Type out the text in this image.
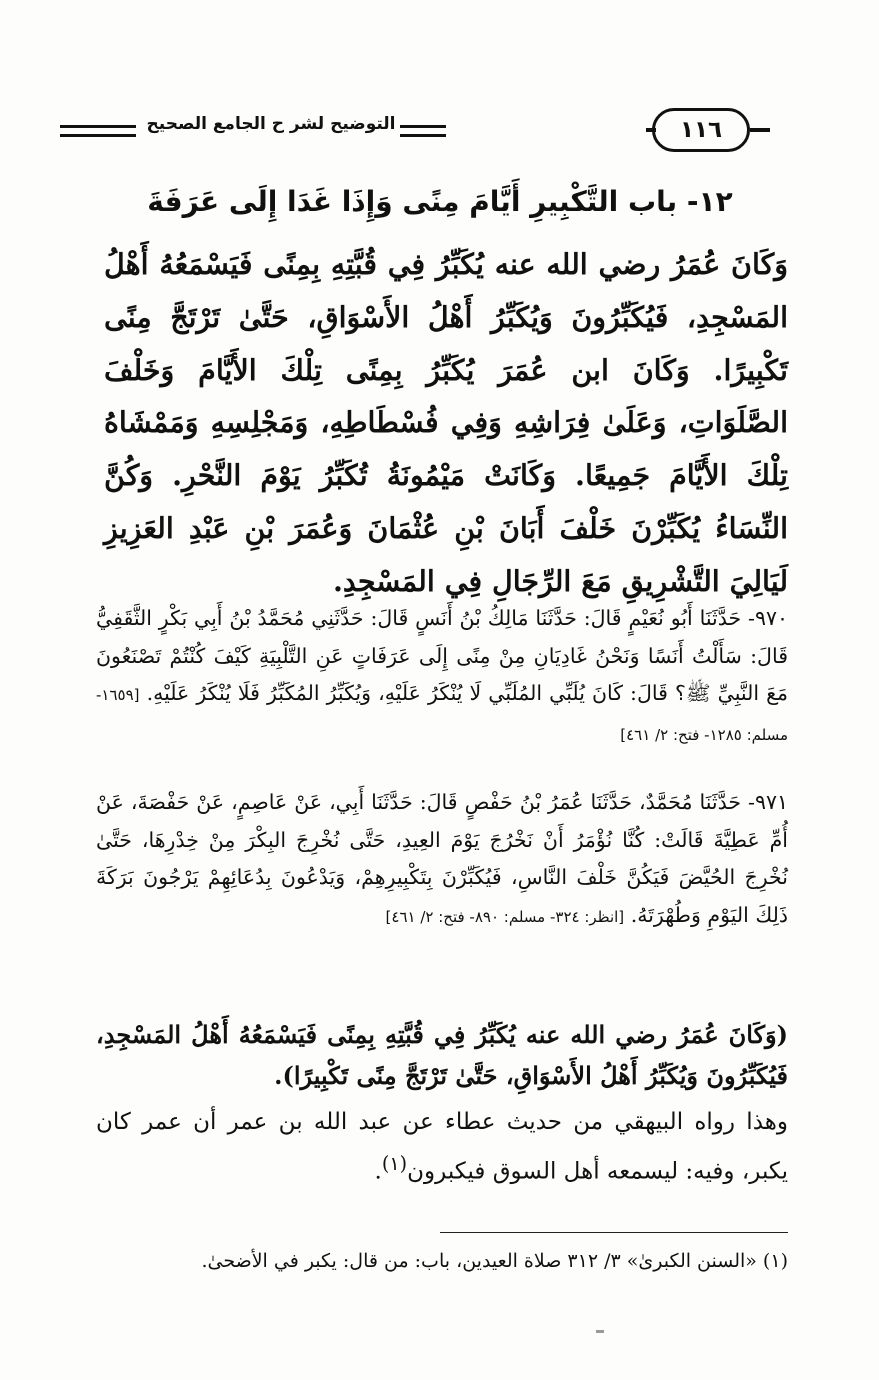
التوضيح لشر ح الجامع الصحيح	١١٦
١٢- باب التَّكْبِيرِ أَيَّامَ مِنًى وَإِذَا غَدَا إِلَى عَرَفَةَ

وَكَانَ عُمَرُ رضي الله عنه يُكَبِّرُ فِي قُبَّتِهِ بِمِنًى فَيَسْمَعُهُ أَهْلُ المَسْجِدِ، فَيُكَبِّرُونَ وَيُكَبِّرُ أَهْلُ الأَسْوَاقِ، حَتَّىٰ تَرْتَجَّ مِنًى تَكْبِيرًا. وَكَانَ ابن عُمَرَ يُكَبِّرُ بِمِنًى تِلْكَ الأَيَّامَ وَخَلْفَ الصَّلَوَاتِ، وَعَلَىٰ فِرَاشِهِ وَفِي فُسْطَاطِهِ، وَمَجْلِسِهِ وَمَمْشَاهُ تِلْكَ الأَيَّامَ جَمِيعًا. وَكَانَتْ مَيْمُونَةُ تُكَبِّرُ يَوْمَ النَّحْرِ. وَكُنَّ النِّسَاءُ يُكَبِّرْنَ خَلْفَ أَبَانَ بْنِ عُثْمَانَ وَعُمَرَ بْنِ عَبْدِ العَزِيزِ لَيَالِيَ التَّشْرِيقِ مَعَ الرِّجَالِ فِي المَسْجِدِ.

٩٧٠- حَدَّثَنَا أَبُو نُعَيْمٍ قَالَ: حَدَّثَنَا مَالِكُ بْنُ أَنَسٍ قَالَ: حَدَّثَنِي مُحَمَّدُ بْنُ أَبِي بَكْرٍ الثَّقَفِيُّ قَالَ: سَأَلْتُ أَنَسًا وَنَحْنُ غَادِيَانِ مِنْ مِنًى إِلَى عَرَفَاتٍ عَنِ التَّلْبِيَةِ كَيْفَ كُنْتُمْ تَصْنَعُونَ مَعَ النَّبِيِّ ﷺ؟ قَالَ: كَانَ يُلَبِّي المُلَبِّي لَا يُنْكَرُ عَلَيْهِ، وَيُكَبِّرُ المُكَبِّرُ فَلَا يُنْكَرُ عَلَيْهِ. [١٦٥٩- مسلم: ١٢٨٥- فتح: ٢/ ٤٦١]
٩٧١- حَدَّثَنَا مُحَمَّدٌ، حَدَّثَنَا عُمَرُ بْنُ حَفْصٍ قَالَ: حَدَّثَنَا أَبِي، عَنْ عَاصِمٍ، عَنْ حَفْصَةَ، عَنْ أُمِّ عَطِيَّةَ قَالَتْ: كُنَّا نُؤْمَرُ أَنْ نَخْرُجَ يَوْمَ العِيدِ، حَتَّى نُخْرِجَ البِكْرَ مِنْ خِدْرِهَا، حَتَّىٰ نُخْرِجَ الحُيَّضَ فَيَكُنَّ خَلْفَ النَّاسِ، فَيُكَبِّرْنَ بِتَكْبِيرِهِمْ، وَيَدْعُونَ بِدُعَائِهِمْ يَرْجُونَ بَرَكَةَ ذَلِكَ اليَوْمِ وَطُهْرَتَهُ. [انظر: ٣٢٤- مسلم: ٨٩٠- فتح: ٢/ ٤٦١]

(وَكَانَ عُمَرُ رضي الله عنه يُكَبِّرُ فِي قُبَّتِهِ بِمِنًى فَيَسْمَعُهُ أَهْلُ المَسْجِدِ، فَيُكَبِّرُونَ وَيُكَبِّرُ أَهْلُ الأَسْوَاقِ، حَتَّىٰ تَرْتَجَّ مِنًى تَكْبِيرًا).

وهذا رواه البيهقي من حديث عطاء عن عبد الله بن عمر أن عمر كان يكبر، وفيه: ليسمعه أهل السوق فيكبرون$^{(١)}$.

(١) «السنن الكبرىٰ» ٣/ ٣١٢ صلاة العيدين، باب: من قال: يكبر في الأضحىٰ.
